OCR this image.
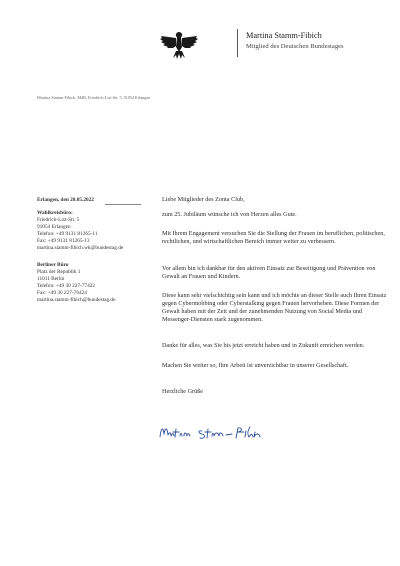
Martina Stamm-Fibich
Mitglied des Deutschen Bundestages
Martina Stamm-Fibich, MdB, Friedrich-List-Str. 5, 91054 Erlangen
Erlangen, den 20.05.2022
Wahlkreisbüro:
Friedrich-List-Str. 5
91054 Erlangen
Telefon: +49 9131 81265-11
Fax: +49 9131 81265-13
martina.stamm-fibich.wk@bundestag.de
Berliner Büro
Platz der Republik 1
11011 Berlin
Telefon: +49 30 227-77422
Fax: +49 30 227-76424
martina.stamm-fibich@bundestag.de

Liebe Mitglieder des Zonta Club,

zum 25. Jubiläum wünsche ich von Herzen alles Gute.

Mit Ihrem Engagement versuchen Sie die Stellung der Frauen im beruflichen, politischen, rechtlichen, und wirtschaftlichen Bereich immer weiter zu verbessern.

Vor allem bin ich dankbar für den aktiven Einsatz zur Beseitigung und Prävention von Gewalt an Frauen und Kindern.

Diese kann sehr vielschichtig sein kann und ich möchte an dieser Stelle auch Ihren Einsatz gegen Cybermobbing oder Cyberstalking gegen Frauen hervorheben. Diese Formen der Gewalt haben mit der Zeit und der zunehmenden Nutzung von Social Media und Messenger-Diensten stark zugenommen.

Danke für alles, was Sie bis jetzt erreicht haben und in Zukunft erreichen werden.

Machen Sie weiter so, Ihre Arbeit ist unverzichtbar in unserer Gesellschaft.

Herzliche Grüße
